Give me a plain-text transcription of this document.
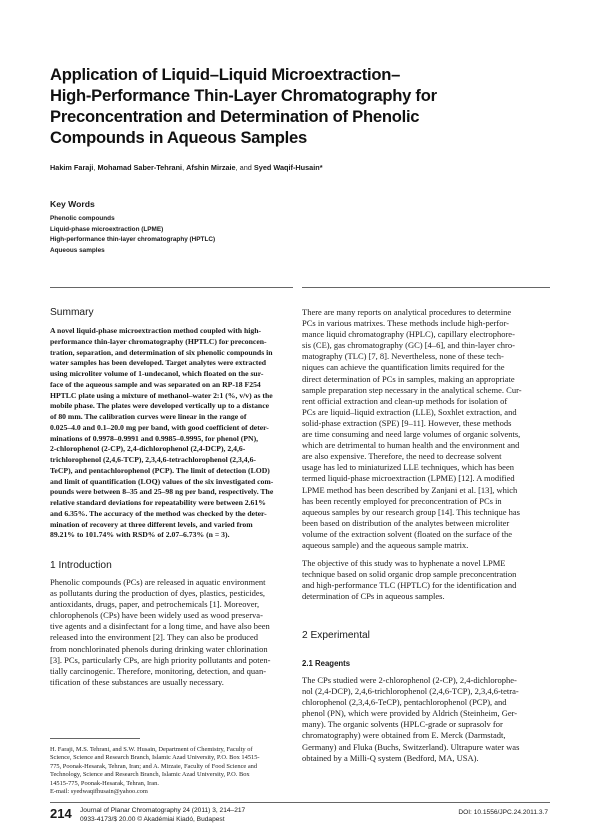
Application of Liquid–Liquid Microextraction–
High-Performance Thin-Layer Chromatography for
Preconcentration and Determination of Phenolic
Compounds in Aqueous Samples
Hakim Faraji, Mohamad Saber-Tehrani, Afshin Mirzaie, and Syed Waqif-Husain*
Key Words
Phenolic compounds
Liquid-phase microextraction (LPME)
High-performance thin-layer chromatography (HPTLC)
Aqueous samples
Summary
A novel liquid-phase microextraction method coupled with high-
performance thin-layer chromatography (HPTLC) for preconcen-
tration, separation, and determination of six phenolic compounds in
water samples has been developed. Target analytes were extracted
using microliter volume of 1-undecanol, which floated on the sur-
face of the aqueous sample and was separated on an RP-18 F254
HPTLC plate using a mixture of methanol–water 2:1 (%, v/v) as the
mobile phase. The plates were developed vertically up to a distance
of 80 mm. The calibration curves were linear in the range of
0.025–4.0 and 0.1–20.0 mg per band, with good coefficient of deter-
minations of 0.9978–0.9991 and 0.9985–0.9995, for phenol (PN),
2-chlorophenol (2-CP), 2,4-dichlorophenol (2,4-DCP), 2,4,6-
trichlorophenol (2,4,6-TCP), 2,3,4,6-tetrachlorophenol (2,3,4,6-
TeCP), and pentachlorophenol (PCP). The limit of detection (LOD)
and limit of quantification (LOQ) values of the six investigated com-
pounds were between 8–35 and 25–98 ng per band, respectively. The
relative standard deviations for repeatability were between 2.61%
and 6.35%. The accuracy of the method was checked by the deter-
mination of recovery at three different levels, and varied from
89.21% to 101.74% with RSD% of 2.07–6.73% (n = 3).
1 Introduction
Phenolic compounds (PCs) are released in aquatic environment
as pollutants during the production of dyes, plastics, pesticides,
antioxidants, drugs, paper, and petrochemicals [1]. Moreover,
chlorophenols (CPs) have been widely used as wood preserva-
tive agents and a disinfectant for a long time, and have also been
released into the environment [2]. They can also be produced
from nonchlorinated phenols during drinking water chlorination
[3]. PCs, particularly CPs, are high priority pollutants and poten-
tially carcinogenic. Therefore, monitoring, detection, and quan-
tification of these substances are usually necessary.
H. Faraji, M.S. Tehrani, and S.W. Husain, Department of Chemistry, Faculty of
Science, Science and Research Branch, Islamic Azad University, P.O. Box 14515-
775, Poonak-Hesarak, Tehran, Iran; and A. Mirzaie, Faculty of Food Science and
Technology, Science and Research Branch, Islamic Azad University, P.O. Box
14515-775, Poonak-Hesarak, Tehran, Iran.
E-mail: syedwaqifhusain@yahoo.com
There are many reports on analytical procedures to determine
PCs in various matrixes. These methods include high-perfor-
mance liquid chromatography (HPLC), capillary electrophore-
sis (CE), gas chromatography (GC) [4–6], and thin-layer chro-
matography (TLC) [7, 8]. Nevertheless, none of these tech-
niques can achieve the quantification limits required for the
direct determination of PCs in samples, making an appropriate
sample preparation step necessary in the analytical scheme. Cur-
rent official extraction and clean-up methods for isolation of
PCs are liquid–liquid extraction (LLE), Soxhlet extraction, and
solid-phase extraction (SPE) [9–11]. However, these methods
are time consuming and need large volumes of organic solvents,
which are detrimental to human health and the environment and
are also expensive. Therefore, the need to decrease solvent
usage has led to miniaturized LLE techniques, which has been
termed liquid-phase microextraction (LPME) [12]. A modified
LPME method has been described by Zanjani et al. [13], which
has been recently employed for preconcentration of PCs in
aqueous samples by our research group [14]. This technique has
been based on distribution of the analytes between microliter
volume of the extraction solvent (floated on the surface of the
aqueous sample) and the aqueous sample matrix.
The objective of this study was to hyphenate a novel LPME
technique based on solid organic drop sample preconcentration
and high-performance TLC (HPTLC) for the identification and
determination of CPs in aqueous samples.
2 Experimental
2.1 Reagents
The CPs studied were 2-chlorophenol (2-CP), 2,4-dichlorophe-
nol (2,4-DCP), 2,4,6-trichlorophenol (2,4,6-TCP), 2,3,4,6-tetra-
chlorophenol (2,3,4,6-TeCP), pentachlorophenol (PCP), and
phenol (PN), which were provided by Aldrich (Steinheim, Ger-
many). The organic solvents (HPLC-grade or suprasolv for
chromatography) were obtained from E. Merck (Darmstadt,
Germany) and Fluka (Buchs, Switzerland). Ultrapure water was
obtained by a Milli-Q system (Bedford, MA, USA).
214 Journal of Planar Chromatography 24 (2011) 3, 214–217
0933-4173/$ 20.00 © Akadémiai Kiadó, Budapest
DOI: 10.1556/JPC.24.2011.3.7
